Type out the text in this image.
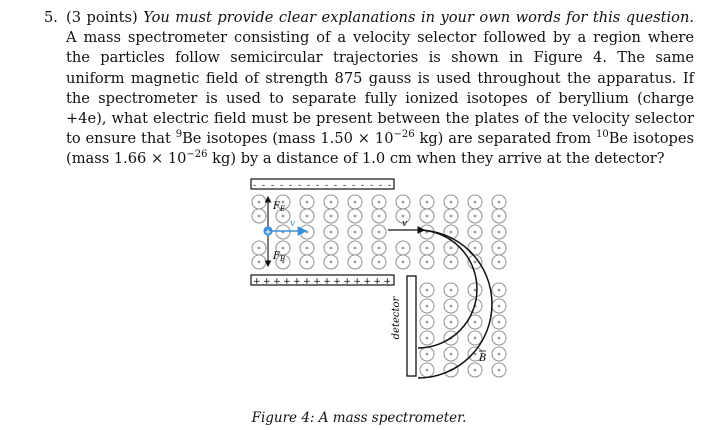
5. (3 points) You must provide clear explanations in your own words for this question. A mass spectrometer consisting of a velocity selector followed by a region where the particles follow semicircular trajectories is shown in Figure 4. The same uniform magnetic field of strength 875 gauss is used throughout the apparatus. If the spectrometer is used to separate fully ionized isotopes of beryllium (charge +4e), what electric field must be present between the plates of the velocity selector to ensure that $^9$Be isotopes (mass $1.50 \times 10^{-26}$ kg) are separated from $^{10}$Be isotopes (mass $1.66 \times 10^{-26}$ kg) by a distance of 1.0 cm when they arrive at the detector?
- - - - - - - - - - - - - - - -
+ + + + + + + + + + + + + +
$F_E$
$F_B$
v
+
v
detector
B
Figure 4: A mass spectrometer.
